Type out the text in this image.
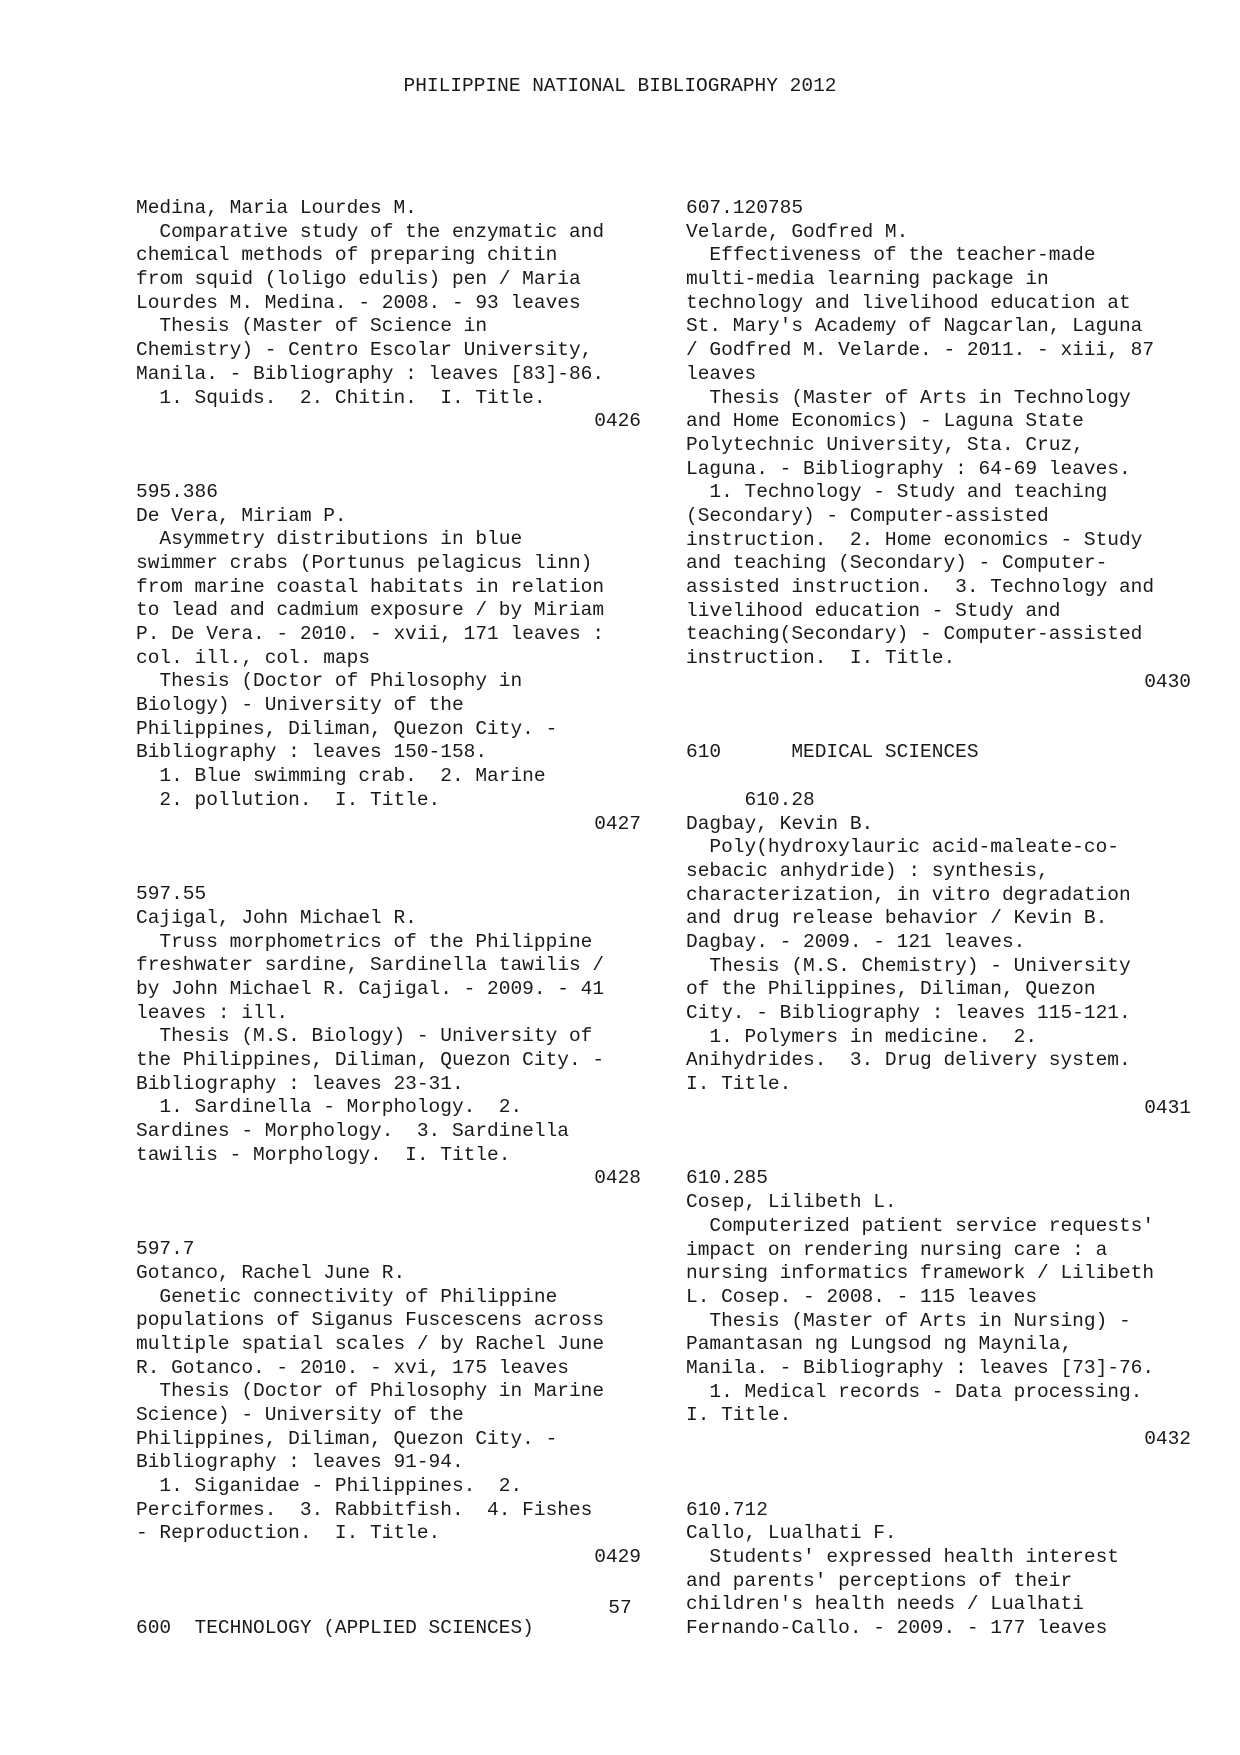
PHILIPPINE NATIONAL BIBLIOGRAPHY 2012
Medina, Maria Lourdes M.
Comparative study of the enzymatic and
chemical methods of preparing chitin
from squid (loligo edulis) pen / Maria
Lourdes M. Medina. - 2008. - 93 leaves
Thesis (Master of Science in
Chemistry) - Centro Escolar University,
Manila. - Bibliography : leaves [83]-86.
1. Squids.  2. Chitin.  I. Title.
0426
595.386
De Vera, Miriam P.
Asymmetry distributions in blue
swimmer crabs (Portunus pelagicus linn)
from marine coastal habitats in relation
to lead and cadmium exposure / by Miriam
P. De Vera. - 2010. - xvii, 171 leaves :
col. ill., col. maps
Thesis (Doctor of Philosophy in
Biology) - University of the
Philippines, Diliman, Quezon City. -
Bibliography : leaves 150-158.
1. Blue swimming crab.  2. Marine
2. pollution.  I. Title.
0427
597.55
Cajigal, John Michael R.
Truss morphometrics of the Philippine
freshwater sardine, Sardinella tawilis /
by John Michael R. Cajigal. - 2009. - 41
leaves : ill.
Thesis (M.S. Biology) - University of
the Philippines, Diliman, Quezon City. -
Bibliography : leaves 23-31.
1. Sardinella - Morphology.  2.
Sardines - Morphology.  3. Sardinella
tawilis - Morphology.  I. Title.
0428
597.7
Gotanco, Rachel June R.
Genetic connectivity of Philippine
populations of Siganus Fuscescens across
multiple spatial scales / by Rachel June
R. Gotanco. - 2010. - xvi, 175 leaves
Thesis (Doctor of Philosophy in Marine
Science) - University of the
Philippines, Diliman, Quezon City. -
Bibliography : leaves 91-94.
1. Siganidae - Philippines.  2.
Perciformes.  3. Rabbitfish.  4. Fishes
- Reproduction.  I. Title.
0429
600  TECHNOLOGY (APPLIED SCIENCES)
607.120785
Velarde, Godfred M.
Effectiveness of the teacher-made
multi-media learning package in
technology and livelihood education at
St. Mary's Academy of Nagcarlan, Laguna
/ Godfred M. Velarde. - 2011. - xiii, 87
leaves
Thesis (Master of Arts in Technology
and Home Economics) - Laguna State
Polytechnic University, Sta. Cruz,
Laguna. - Bibliography : 64-69 leaves.
1. Technology - Study and teaching
(Secondary) - Computer-assisted
instruction.  2. Home economics - Study
and teaching (Secondary) - Computer-
assisted instruction.  3. Technology and
livelihood education - Study and
teaching(Secondary) - Computer-assisted
instruction.  I. Title.
0430
610      MEDICAL SCIENCES
610.28
Dagbay, Kevin B.
Poly(hydroxylauric acid-maleate-co-
sebacic anhydride) : synthesis,
characterization, in vitro degradation
and drug release behavior / Kevin B.
Dagbay. - 2009. - 121 leaves.
Thesis (M.S. Chemistry) - University
of the Philippines, Diliman, Quezon
City. - Bibliography : leaves 115-121.
1. Polymers in medicine.  2.
Anihydrides.  3. Drug delivery system.
I. Title.
0431
610.285
Cosep, Lilibeth L.
Computerized patient service requests'
impact on rendering nursing care : a
nursing informatics framework / Lilibeth
L. Cosep. - 2008. - 115 leaves
Thesis (Master of Arts in Nursing) -
Pamantasan ng Lungsod ng Maynila,
Manila. - Bibliography : leaves [73]-76.
1. Medical records - Data processing.
I. Title.
0432
610.712
Callo, Lualhati F.
Students' expressed health interest
and parents' perceptions of their
children's health needs / Lualhati
Fernando-Callo. - 2009. - 177 leaves
57
